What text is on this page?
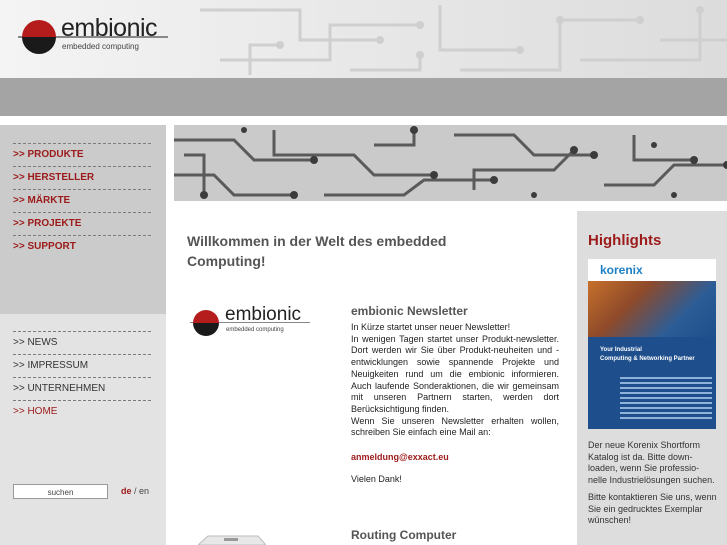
embionic
embedded computing
>> PRODUKTE
>> HERSTELLER
>> MÄRKTE
>> PROJEKTE
>> SUPPORT
>> NEWS
>> IMPRESSUM
>> UNTERNEHMEN
>> HOME
suchen	de / en
Willkommen in der Welt des embedded Computing!
embionic
embedded computing
embionic Newsletter

In Kürze startet unser neuer Newsletter!

In wenigen Tagen startet unser Produkt-newsletter. Dort werden wir Sie über Produkt-neuheiten und -entwicklungen sowie spannende Projekte und Neuigkeiten rund um die embionic informieren. Auch laufende Sonderaktionen, die wir gemeinsam mit unseren Partnern starten, werden dort Berücksichtigung finden.

Wenn Sie unseren Newsletter erhalten wollen, schreiben Sie einfach eine Mail an:

anmeldung@exxact.eu
Vielen Dank!
Routing Computer
Highlights
korenix
Your Industrial
Computing & Networking Partner

Der neue Korenix Shortform Katalog ist da. Bitte down-loaden, wenn Sie professio-nelle Industrielösungen suchen.

Bitte kontaktieren Sie uns, wenn Sie ein gedrucktes Exemplar wünschen!
